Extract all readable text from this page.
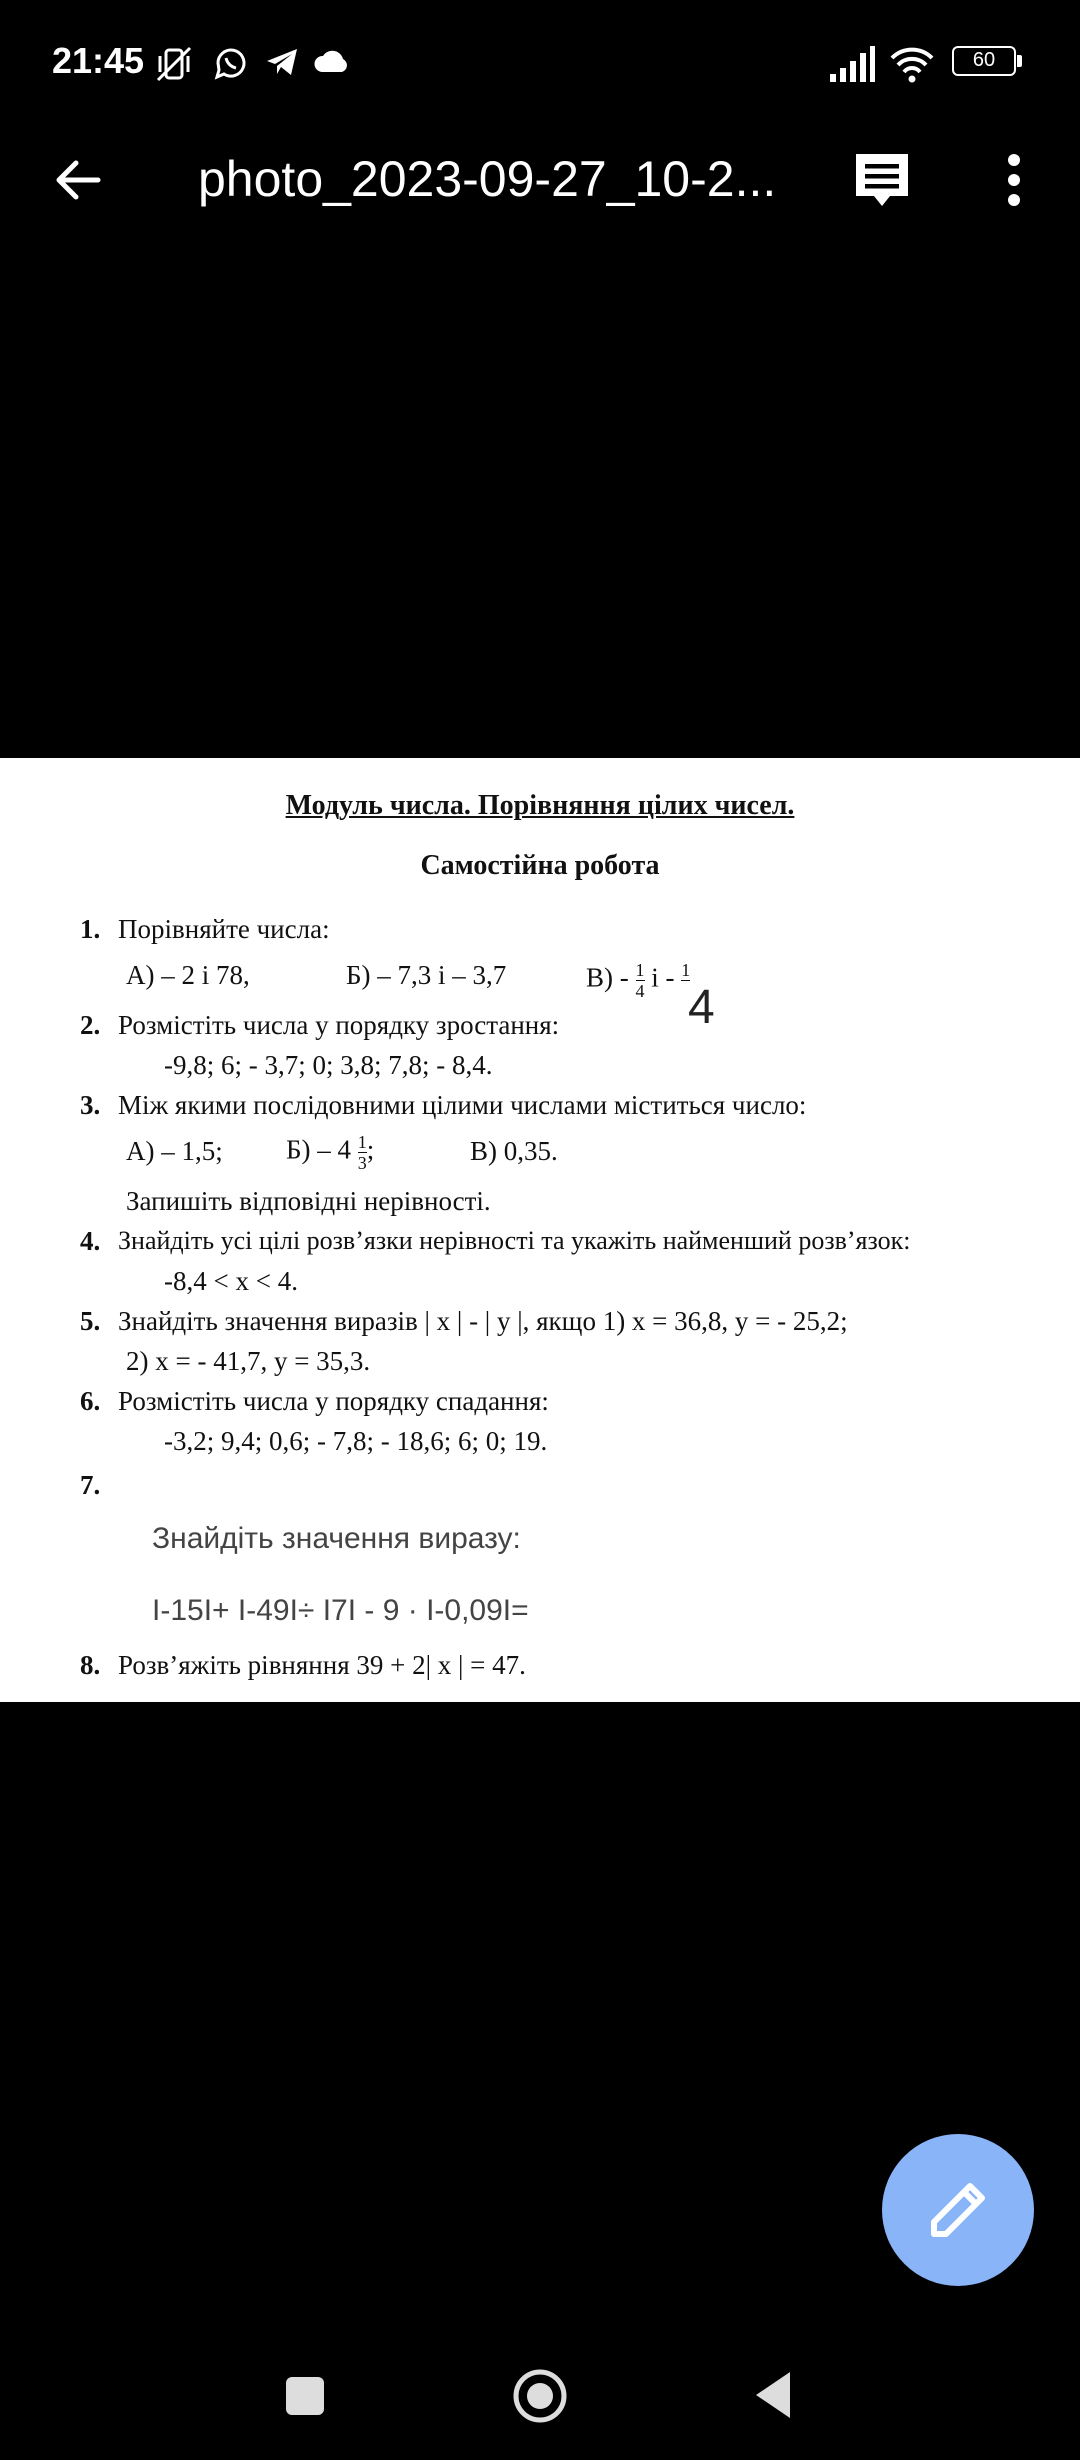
21:45	60
photo_2023-09-27_10-2...
Модуль числа. Порівняння цілих чисел.
Самостійна робота
1. Порівняйте числа:
А) – 2 і 78,	Б) – 7,3 і – 3,7	$В) - \frac{1}{4}$ і - 1

4
2. Розмістіть числа у порядку зростання:
-9,8; 6; - 3,7; 0; 3,8; 7,8; - 8,4.
3. Між якими послідовними цілими числами міститься число:
А) – 1,5; $Б) - 4 \frac{1}{3}$ ;	В) 0,35.
Запишіть відповідні нерівності.
4. Знайдіть усі цілі розв’язки нерівності та укажіть найменший розв’язок:
-8,4 < x < 4.
5. Знайдіть значення виразів | x | - | y |, якщо 1) x = 36,8, y = - 25,2;
2) x = - 41,7, y = 35,3.
6. Розмістіть числа у порядку спадання:
-3,2; 9,4; 0,6; - 7,8; - 18,6; 6; 0; 19.
7.
Знайдіть значення виразу:
I-15I+ I-49I÷ I7I - 9 · I-0,09I=
8. Розв’яжіть рівняння 39 + 2| x | = 47.
